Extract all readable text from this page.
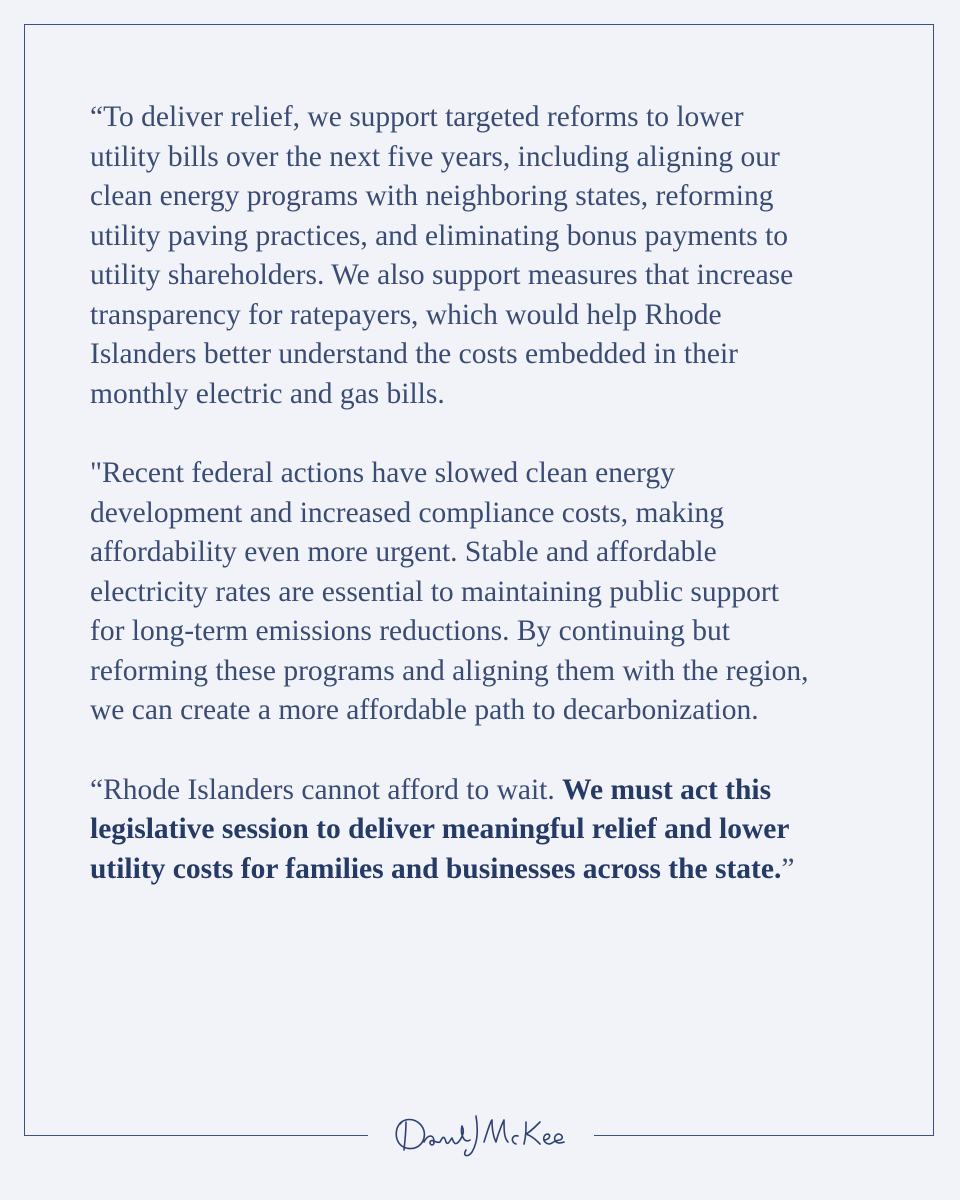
“To deliver relief, we support targeted reforms to lower
utility bills over the next five years, including aligning our
clean energy programs with neighboring states, reforming
utility paving practices, and eliminating bonus payments to
utility shareholders. We also support measures that increase
transparency for ratepayers, which would help Rhode
Islanders better understand the costs embedded in their
monthly electric and gas bills.

"Recent federal actions have slowed clean energy
development and increased compliance costs, making
affordability even more urgent. Stable and affordable
electricity rates are essential to maintaining public support
for long-term emissions reductions. By continuing but
reforming these programs and aligning them with the region,
we can create a more affordable path to decarbonization.

“Rhode Islanders cannot afford to wait. We must act this
legislative session to deliver meaningful relief and lower
utility costs for families and businesses across the state.”
